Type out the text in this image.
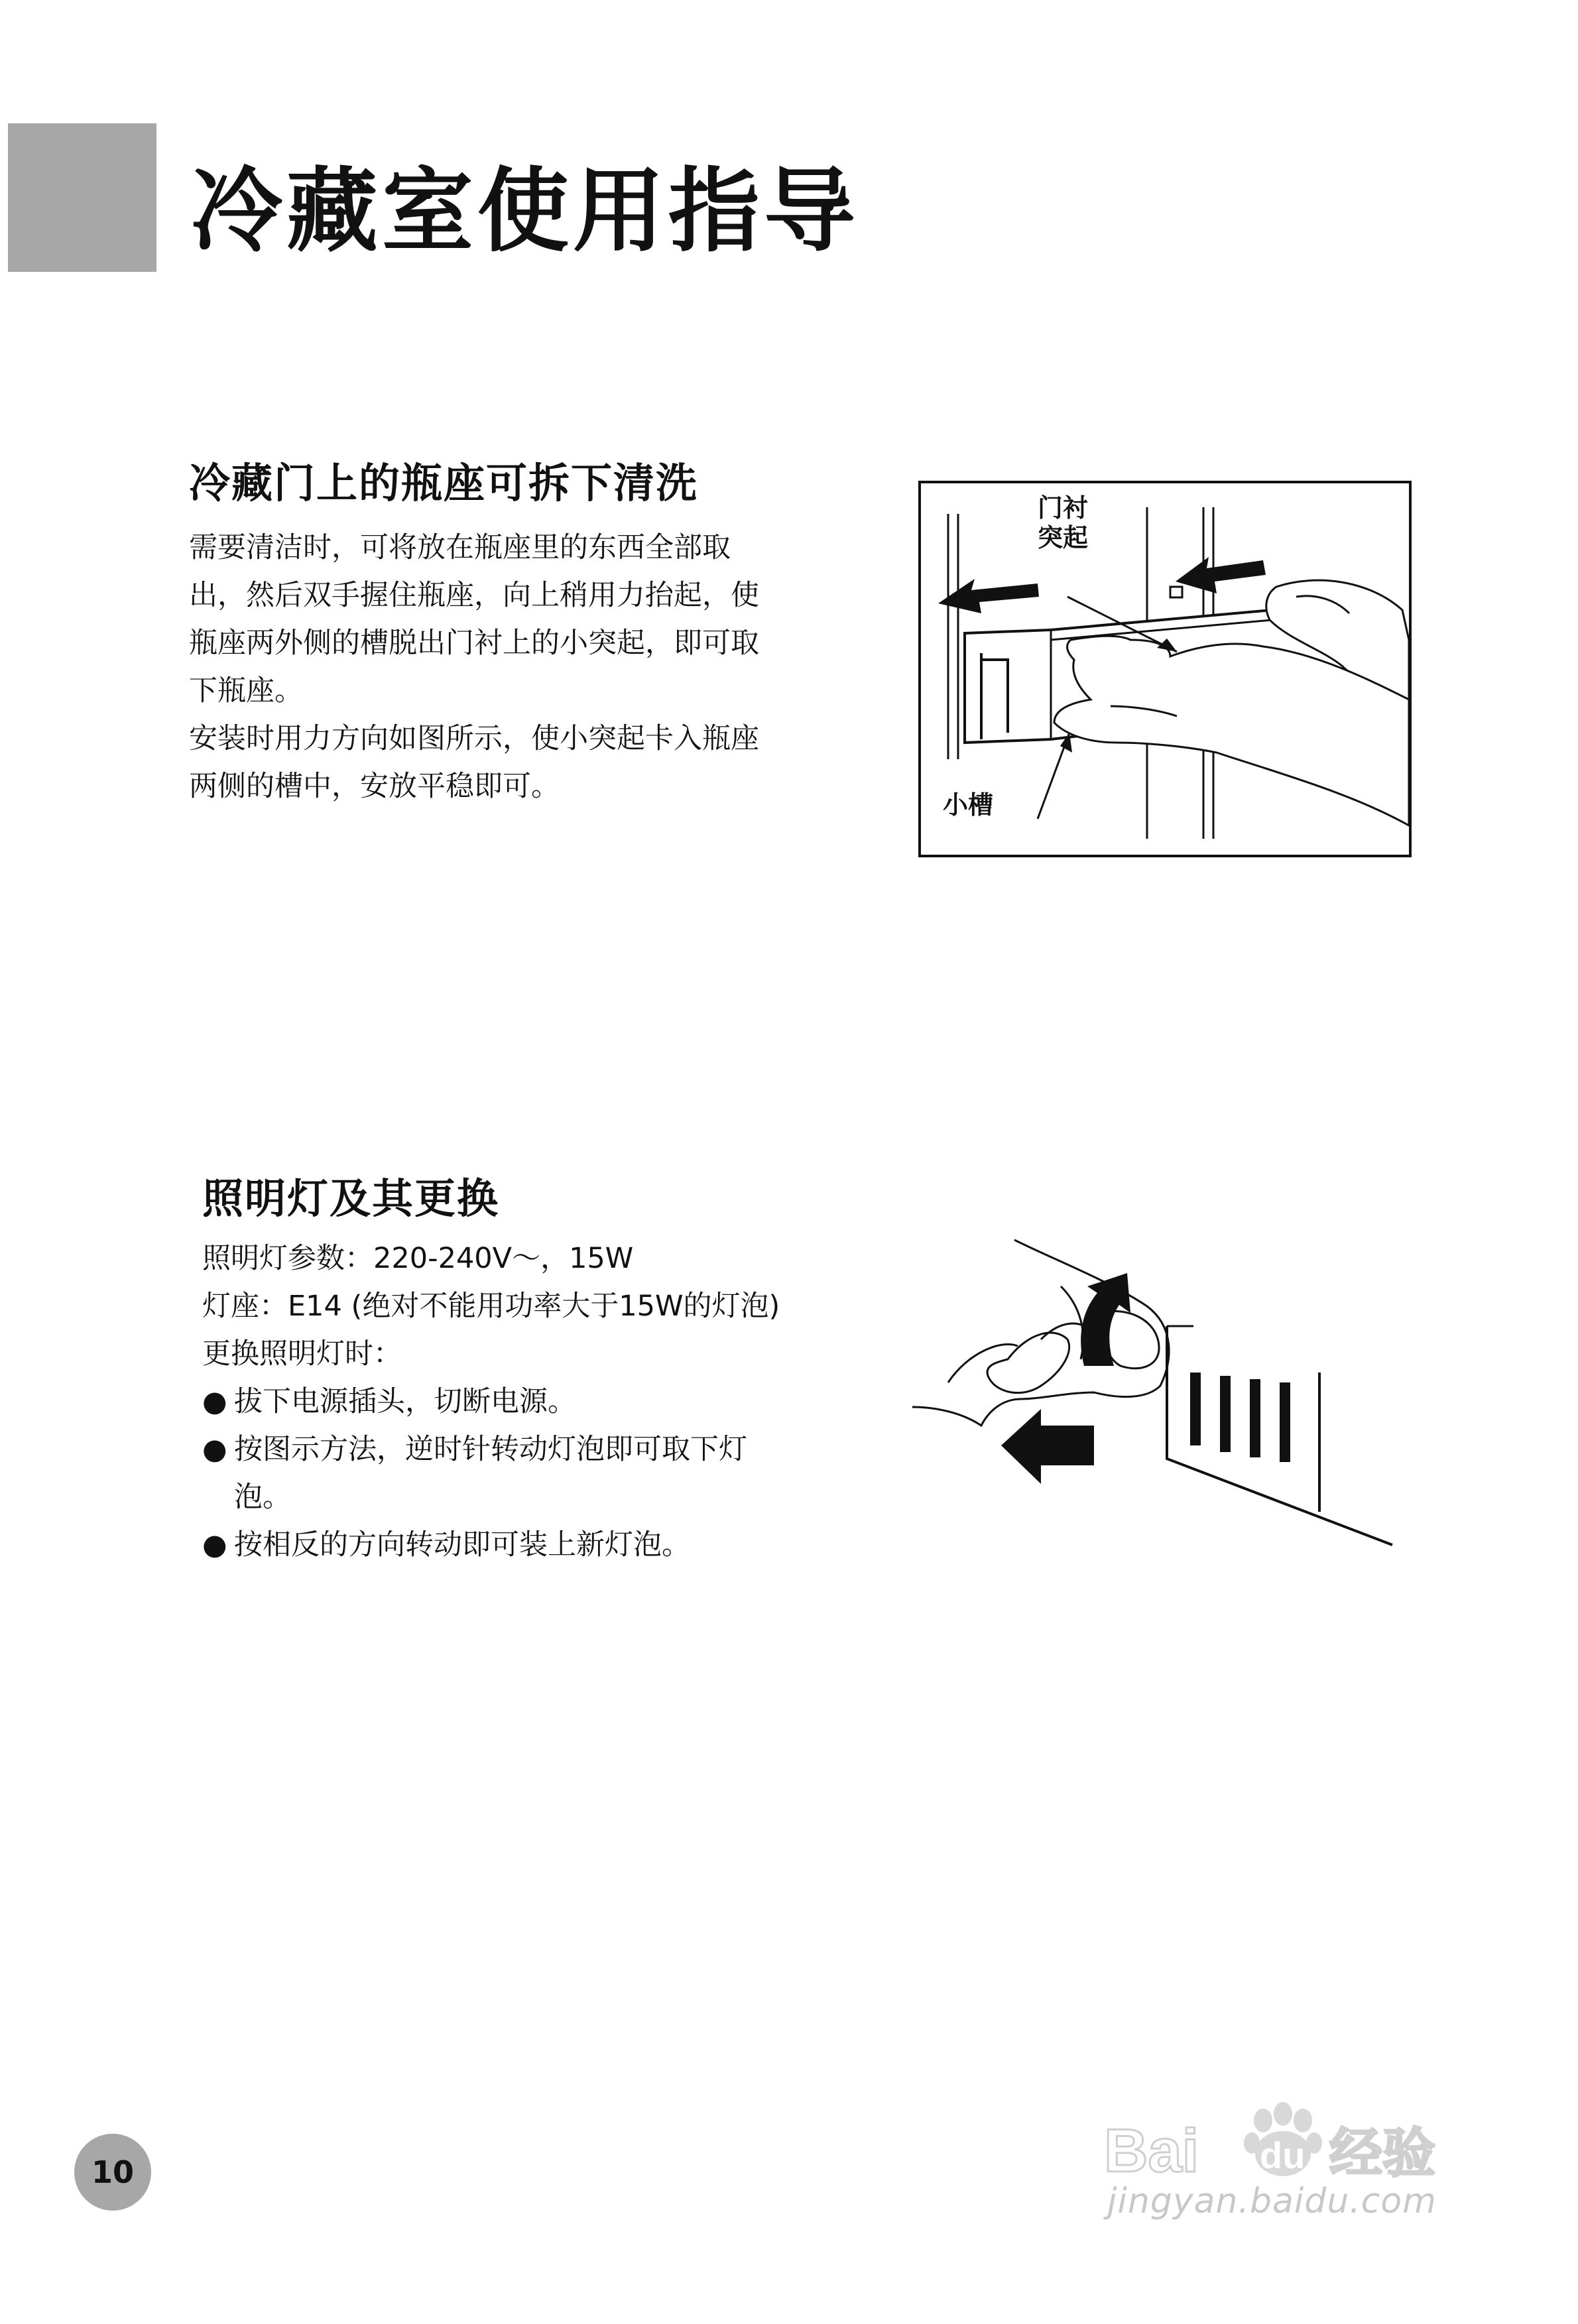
冷藏室使用指导
冷藏门上的瓶座可拆下清洗
需要清洁时，可将放在瓶座里的东西全部取
出，然后双手握住瓶座，向上稍用力抬起，使
瓶座两外侧的槽脱出门衬上的小突起，即可取
下瓶座。
安装时用力方向如图所示，使小突起卡入瓶座
两侧的槽中，安放平稳即可。
门衬
突起
小槽
照明灯及其更换
照明灯参数：220-240V～，15W
灯座：E14 (绝对不能用功率大于15W的灯泡)
更换照明灯时：
● 拔下电源插头，切断电源。
● 按图示方法，逆时针转动灯泡即可取下灯
泡。
● 按相反的方向转动即可装上新灯泡。
10	Bai du 经验
jingyan.baidu.com
